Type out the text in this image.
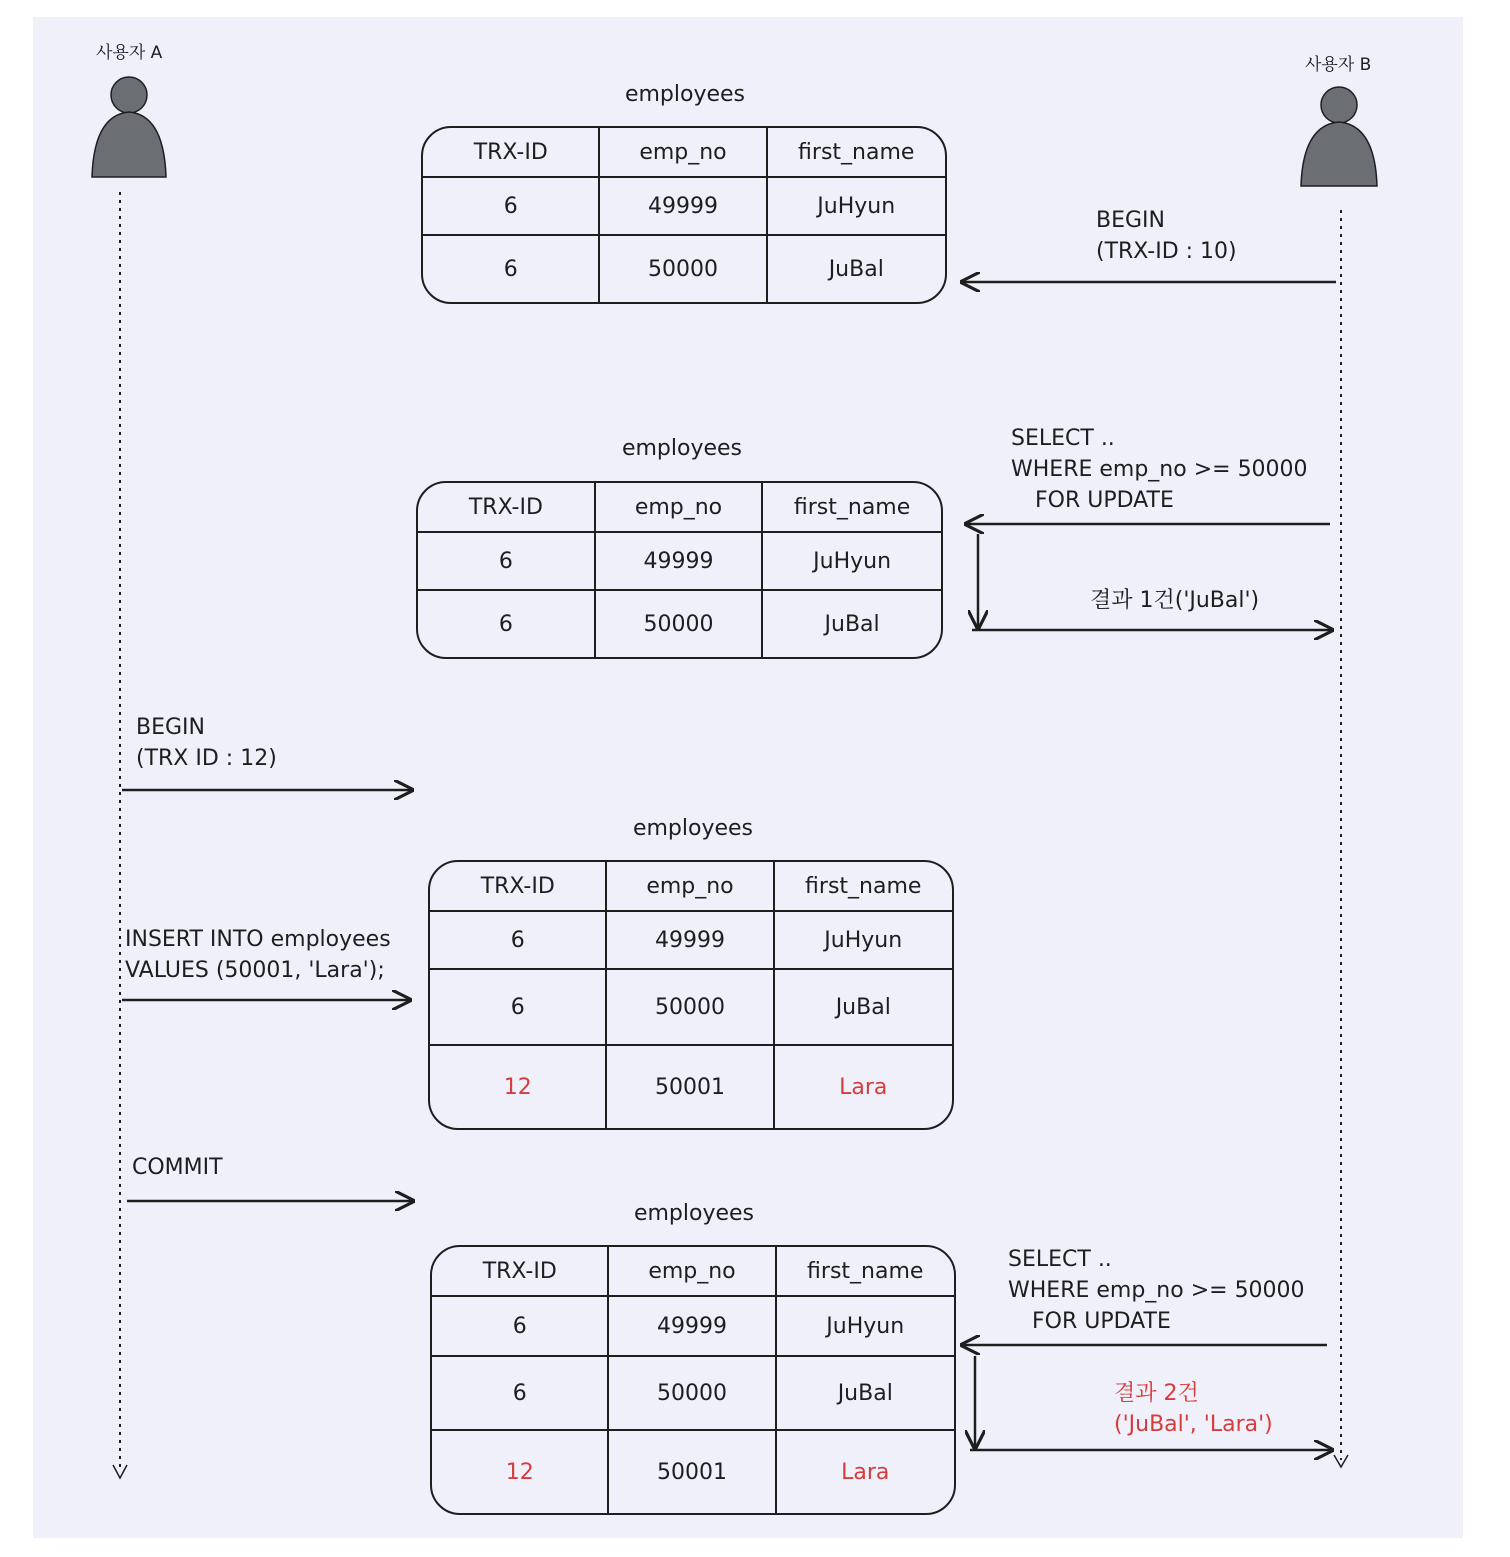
사용자 A
사용자 B
employees
employees
employees
employees
TRX-ID	emp_no	first_name
6	49999	JuHyun
6	50000	JuBal
TRX-ID	emp_no	first_name
6	49999	JuHyun
6	50000	JuBal
TRX-ID	emp_no	first_name
6	49999	JuHyun
6	50000	JuBal
12	50001	Lara
TRX-ID	emp_no	first_name
6	49999	JuHyun
6	50000	JuBal
12	50001	Lara
BEGIN
(TRX-ID : 10)
SELECT ..
WHERE emp_no >= 50000
FOR UPDATE
결과 1건('JuBal')
BEGIN
(TRX ID : 12)
INSERT INTO employees
VALUES (50001, 'Lara');
COMMIT
SELECT ..
WHERE emp_no >= 50000
FOR UPDATE
결과 2건
('JuBal', 'Lara')
